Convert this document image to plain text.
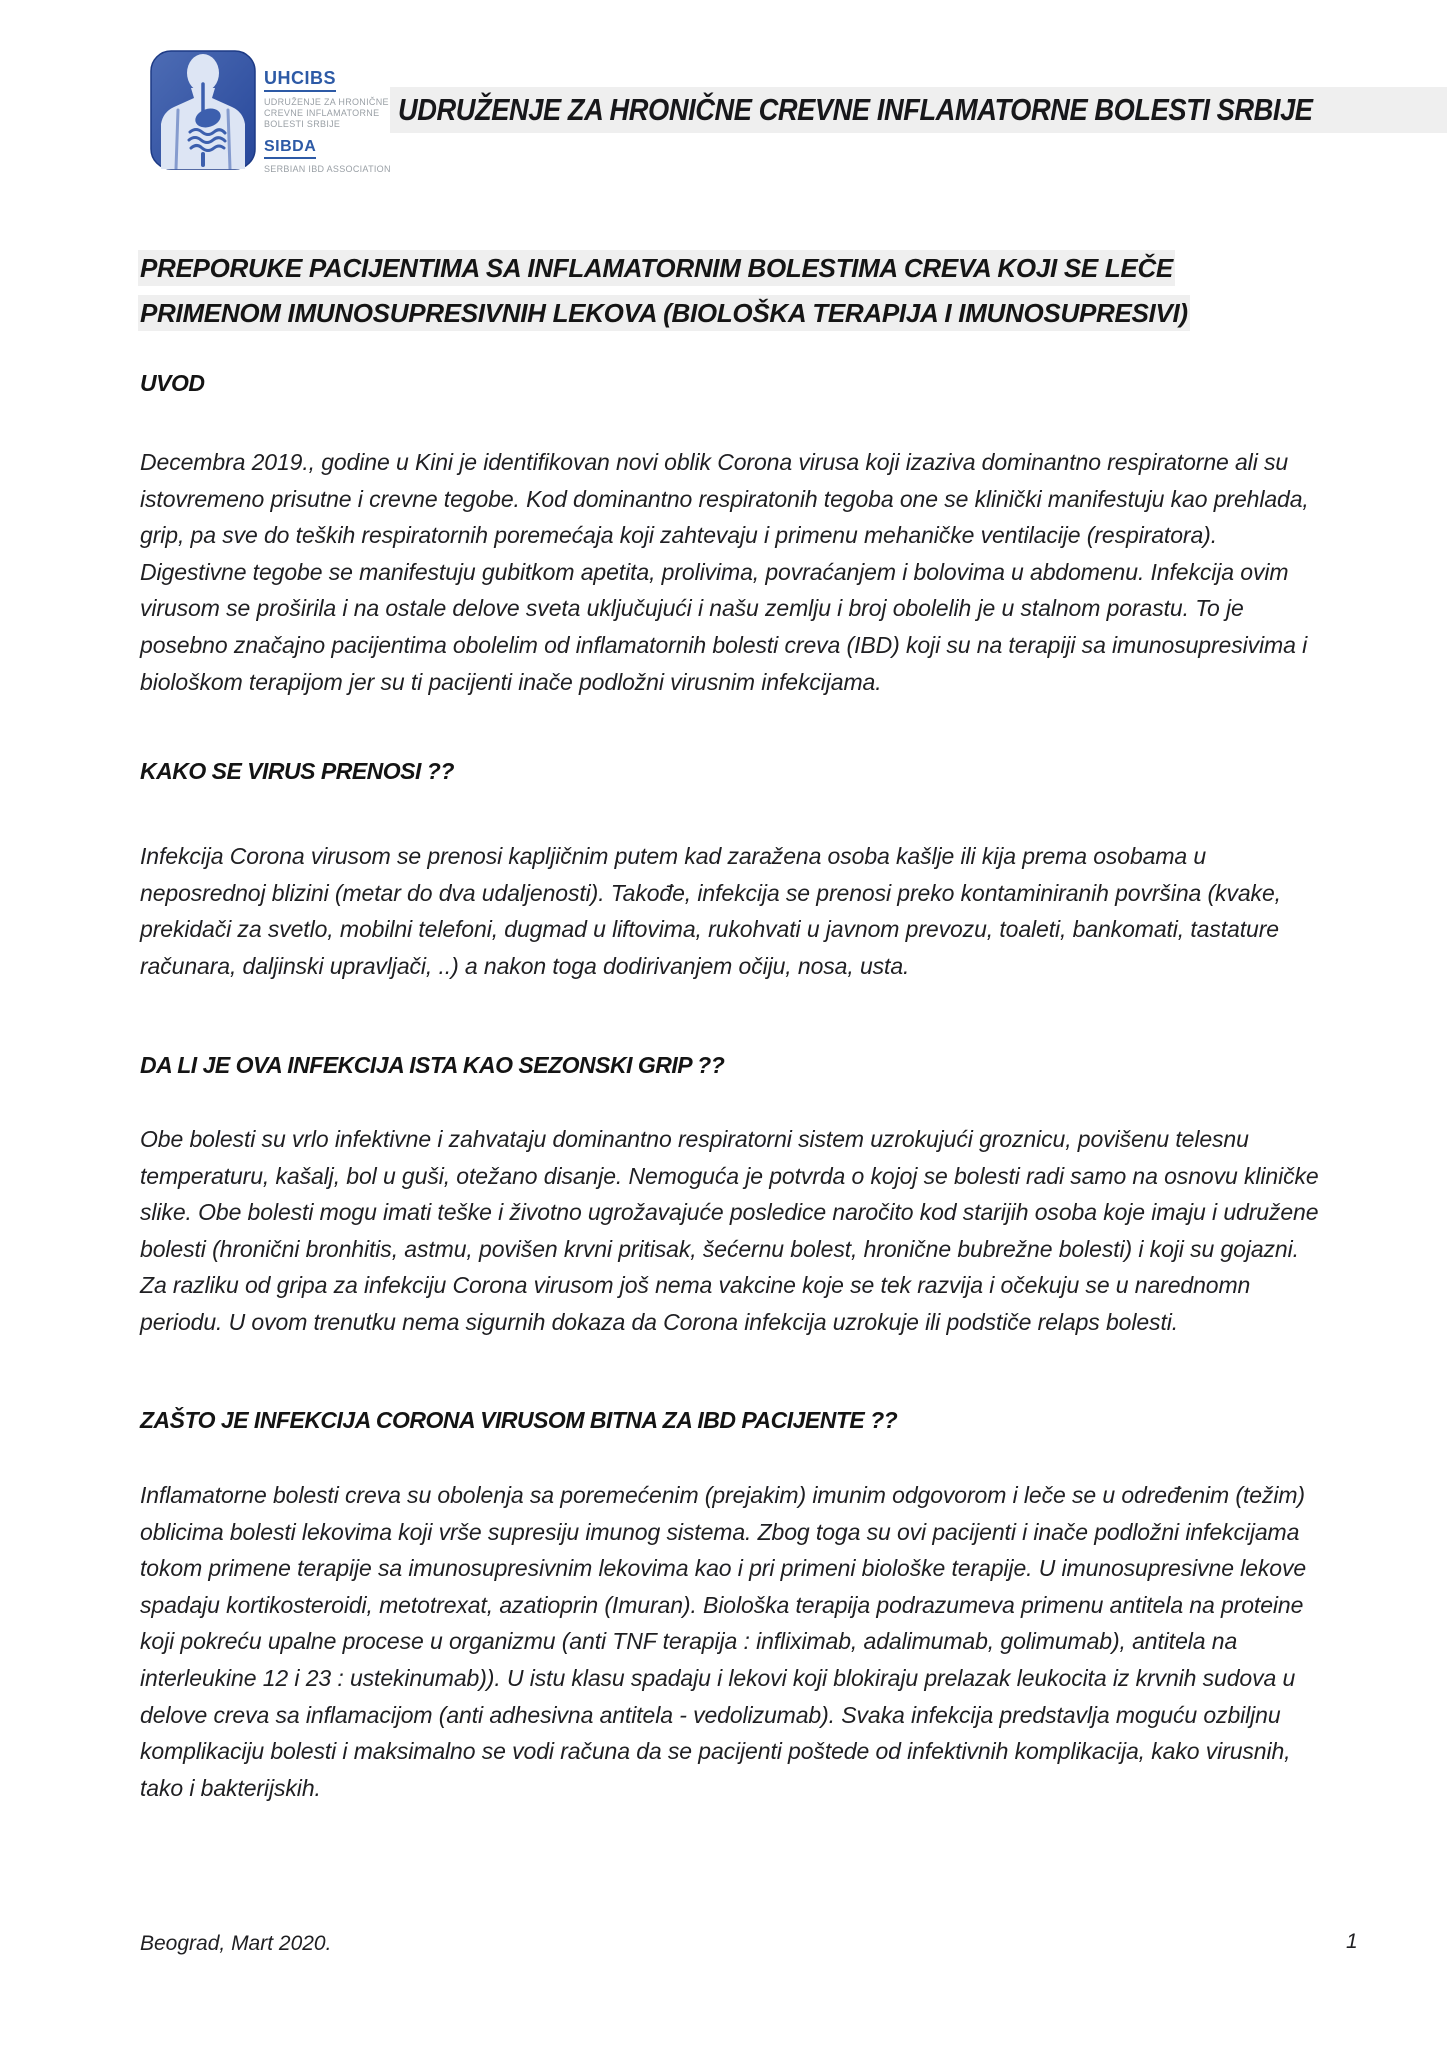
UHCIBS
UDRUŽENJE ZA HRONIČNE
CREVNE INFLAMATORNE
BOLESTI SRBIJE
SIBDA
SERBIAN IBD ASSOCIATION
UDRUŽENJE ZA HRONIČNE CREVNE INFLAMATORNE BOLESTI SRBIJE
PREPORUKE PACIJENTIMA SA INFLAMATORNIM BOLESTIMA CREVA KOJI SE LEČE PRIMENOM IMUNOSUPRESIVNIH LEKOVA (BIOLOŠKA TERAPIJA I IMUNOSUPRESIVI)
UVOD
Decembra 2019., godine u Kini je identifikovan novi oblik Corona virusa koji izaziva dominantno respiratorne ali su istovremeno prisutne i crevne tegobe. Kod dominantno respiratonih tegoba one se klinički manifestuju kao prehlada, grip, pa sve do teških respiratornih poremećaja koji zahtevaju i primenu mehaničke ventilacije (respiratora). Digestivne tegobe se manifestuju gubitkom apetita, prolivima, povraćanjem i bolovima u abdomenu. Infekcija ovim virusom se proširila i na ostale delove sveta uključujući i našu zemlju i broj obolelih je u stalnom porastu. To je posebno značajno pacijentima obolelim od inflamatornih bolesti creva (IBD) koji su na terapiji sa imunosupresivima i biološkom terapijom jer su ti pacijenti inače podložni virusnim infekcijama.
KAKO SE VIRUS PRENOSI ??
Infekcija Corona virusom se prenosi kapljičnim putem kad zaražena osoba kašlje ili kija prema osobama u neposrednoj blizini (metar do dva udaljenosti). Takođe, infekcija se prenosi preko kontaminiranih površina (kvake, prekidači za svetlo, mobilni telefoni, dugmad u liftovima, rukohvati u javnom prevozu, toaleti, bankomati, tastature računara, daljinski upravljači, ..) a nakon toga dodirivanjem očiju, nosa, usta.
DA LI JE OVA INFEKCIJA ISTA KAO SEZONSKI GRIP ??
Obe bolesti su vrlo infektivne i zahvataju dominantno respiratorni sistem uzrokujući groznicu, povišenu telesnu temperaturu, kašalj, bol u guši, otežano disanje. Nemoguća je potvrda o kojoj se bolesti radi samo na osnovu kliničke slike. Obe bolesti mogu imati teške i životno ugrožavajuće posledice naročito kod starijih osoba koje imaju i udružene bolesti (hronični bronhitis, astmu, povišen krvni pritisak, šećernu bolest, hronične bubrežne bolesti) i koji su gojazni. Za razliku od gripa za infekciju Corona virusom još nema vakcine koje se tek razvija i očekuju se u narednomn periodu. U ovom trenutku nema sigurnih dokaza da Corona infekcija uzrokuje ili podstiče relaps bolesti.
ZAŠTO JE INFEKCIJA CORONA VIRUSOM BITNA ZA IBD PACIJENTE ??
Inflamatorne bolesti creva su obolenja sa poremećenim (prejakim) imunim odgovorom i leče se u određenim (težim) oblicima bolesti lekovima koji vrše supresiju imunog sistema. Zbog toga su ovi pacijenti i inače podložni infekcijama tokom primene terapije sa imunosupresivnim lekovima kao i pri primeni biološke terapije. U imunosupresivne lekove spadaju kortikosteroidi, metotrexat, azatioprin (Imuran). Biološka terapija podrazumeva primenu antitela na proteine koji pokreću upalne procese u organizmu (anti TNF terapija : infliximab, adalimumab, golimumab), antitela na interleukine 12 i 23 : ustekinumab)). U istu klasu spadaju i lekovi koji blokiraju prelazak leukocita iz krvnih sudova u delove creva sa inflamacijom (anti adhesivna antitela - vedolizumab). Svaka infekcija predstavlja moguću ozbiljnu komplikaciju bolesti i maksimalno se vodi računa da se pacijenti poštede od infektivnih komplikacija, kako virusnih, tako i bakterijskih.
Beograd, Mart 2020.	1
